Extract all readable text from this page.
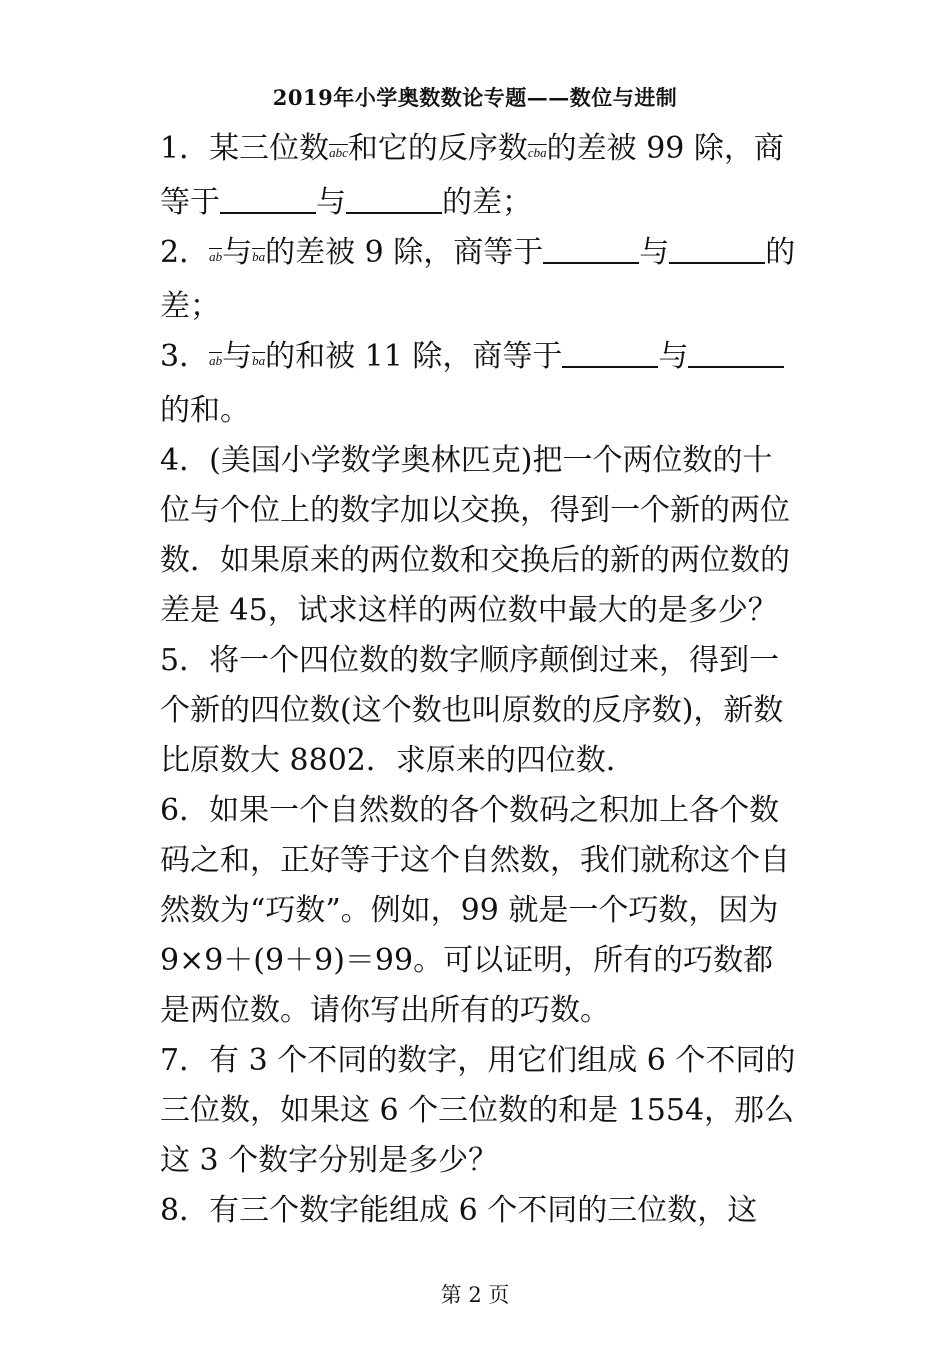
2019年小学奥数数论专题——数位与进制

1．某三位数$\overline{abc}$和它的反序数$\overline{cba}$的差被 99 除，商等于	与	的差；

2．$\overline{ab}$与$\overline{ba}$的差被 9 除，商等于	与	的差；

3．$\overline{ab}$与$\overline{ba}$的和被 11 除，商等于	与的和。

4．(美国小学数学奥林匹克)把一个两位数的十位与个位上的数字加以交换，得到一个新的两位数．如果原来的两位数和交换后的新的两位数的差是 45，试求这样的两位数中最大的是多少？

5．将一个四位数的数字顺序颠倒过来，得到一个新的四位数(这个数也叫原数的反序数)，新数比原数大 8802．求原来的四位数．

6．如果一个自然数的各个数码之积加上各个数码之和，正好等于这个自然数，我们就称这个自然数为“巧数”。例如，99 就是一个巧数，因为 9×9＋(9＋9)＝99。可以证明，所有的巧数都是两位数。请你写出所有的巧数。

7．有 3 个不同的数字，用它们组成 6 个不同的三位数，如果这 6 个三位数的和是 1554，那么这 3 个数字分别是多少？

8．有三个数字能组成 6 个不同的三位数，这

第 2 页
